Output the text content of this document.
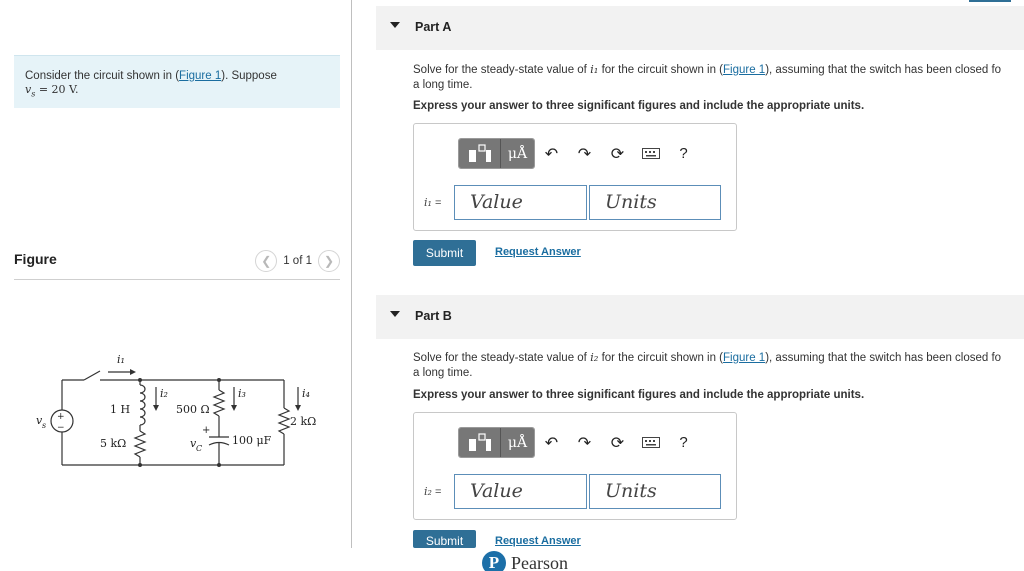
Consider the circuit shown in (Figure 1). Suppose
$v_s = 20$ V.
Figure	❮	1 of 1 ❯
+
−
v s
i₁
i₂	i₃	i₄
1 H
5 kΩ
500 Ω
2 kΩ
100 μF
+
v C
Part A
Solve for the steady-state value of i₁ for the circuit shown in (Figure 1), assuming that the switch has been closed fo
a long time.
Express your answer to three significant figures and include the appropriate units.
μÅ	↶	↷	⟳	?
i₁ =	Value	Units
Submit	Request Answer
Part B
Solve for the steady-state value of i₂ for the circuit shown in (Figure 1), assuming that the switch has been closed fo
a long time.
Express your answer to three significant figures and include the appropriate units.
μÅ	↶	↷	⟳	?
i₂ =	Value	Units
Submit	Request Answer
P Pearson
